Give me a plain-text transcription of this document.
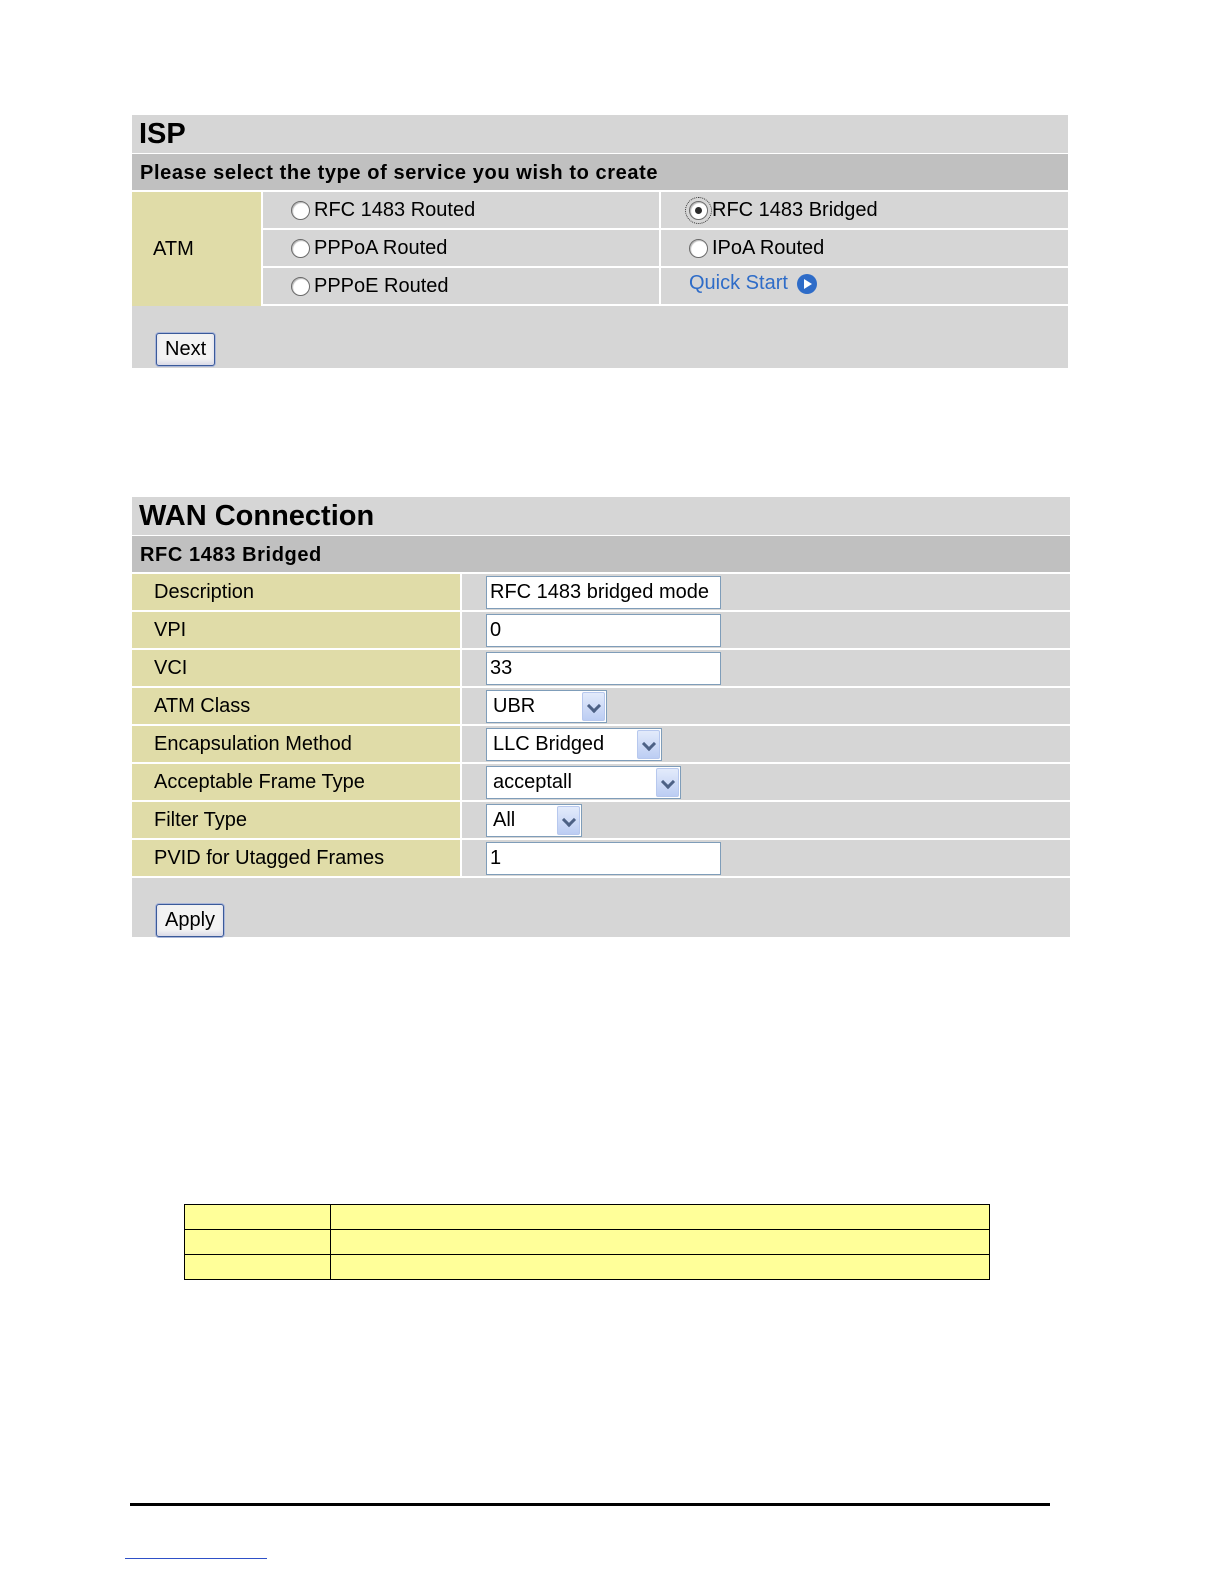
ISP
Please select the type of service you wish to create
ATM
RFC 1483 Routed	RFC 1483 Bridged
PPPoA Routed	IPoA Routed
PPPoE Routed	Quick Start
Next
WAN Connection
RFC 1483 Bridged
Description	RFC 1483 bridged mode
VPI	0
VCI	33
ATM Class	UBR
Encapsulation Method	LLC Bridged
Acceptable Frame Type	acceptall
Filter Type	All
PVID for Utagged Frames	1
Apply
